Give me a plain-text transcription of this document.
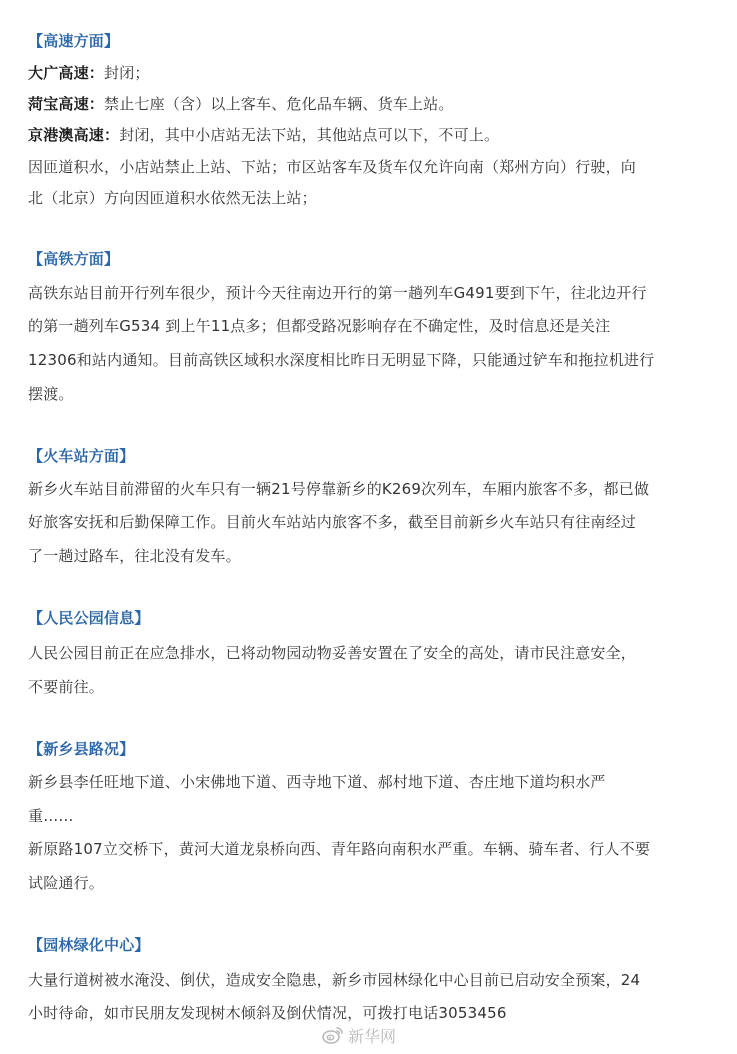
【高速方面】
大广高速：封闭；
菏宝高速：禁止七座（含）以上客车、危化品车辆、货车上站。
京港澳高速：封闭，其中小店站无法下站，其他站点可以下，不可上。
因匝道积水，小店站禁止上站、下站；市区站客车及货车仅允许向南（郑州方向）行驶，向
北（北京）方向因匝道积水依然无法上站；
【高铁方面】
高铁东站目前开行列车很少，预计今天往南边开行的第一趟列车G491要到下午，往北边开行
的第一趟列车G534 到上午11点多；但都受路况影响存在不确定性，及时信息还是关注
12306和站内通知。目前高铁区域积水深度相比昨日无明显下降，只能通过铲车和拖拉机进行
摆渡。
【火车站方面】
新乡火车站目前滞留的火车只有一辆21号停靠新乡的K269次列车，车厢内旅客不多，都已做
好旅客安抚和后勤保障工作。目前火车站站内旅客不多，截至目前新乡火车站只有往南经过
了一趟过路车，往北没有发车。
【人民公园信息】
人民公园目前正在应急排水，已将动物园动物妥善安置在了安全的高处，请市民注意安全，
不要前往。
【新乡县路况】
新乡县李任旺地下道、小宋佛地下道、西寺地下道、郝村地下道、杏庄地下道均积水严
重……
新原路107立交桥下，黄河大道龙泉桥向西、青年路向南积水严重。车辆、骑车者、行人不要
试险通行。
【园林绿化中心】
大量行道树被水淹没、倒伏，造成安全隐患，新乡市园林绿化中心目前已启动安全预案，24
小时待命，如市民朋友发现树木倾斜及倒伏情况，可拨打电话3053456
新华网
